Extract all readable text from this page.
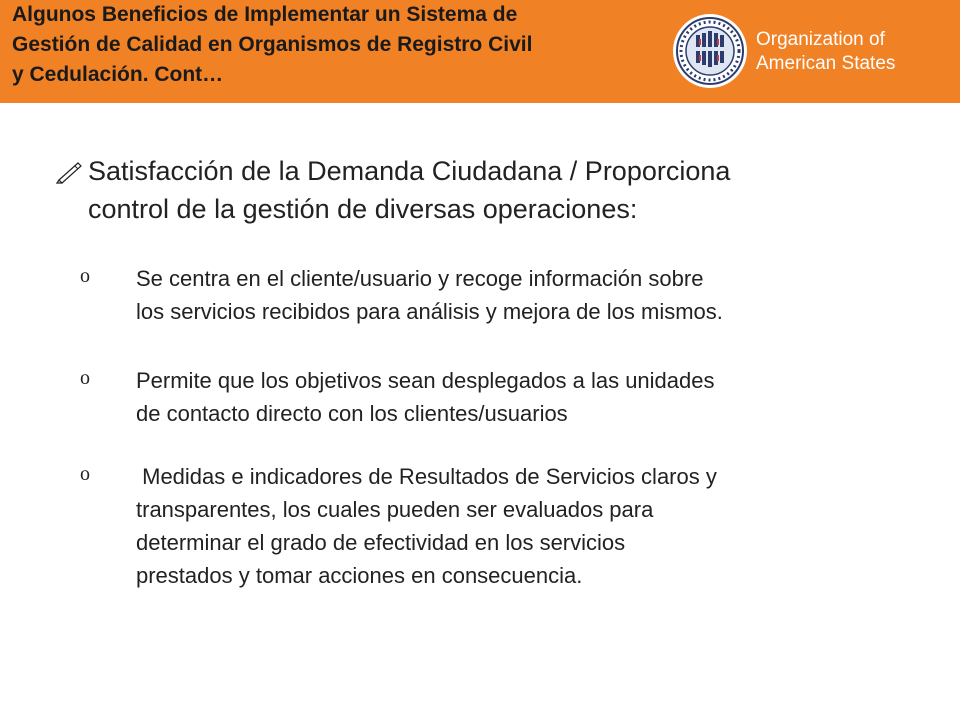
Algunos Beneficios de Implementar un Sistema de
Gestión de Calidad en Organismos de Registro Civil
y Cedulación. Cont…
Organization of
American States

Satisfacción de la Demanda Ciudadana / Proporciona
control de la gestión de diversas operaciones:

o Se centra en el cliente/usuario y recoge información sobre
los servicios recibidos para análisis y mejora de los mismos.
o Permite que los objetivos sean desplegados a las unidades
de contacto directo con los clientes/usuarios
o Medidas e indicadores de Resultados de Servicios claros y
transparentes, los cuales pueden ser evaluados para
determinar el grado de efectividad en los servicios
prestados y tomar acciones en consecuencia.
